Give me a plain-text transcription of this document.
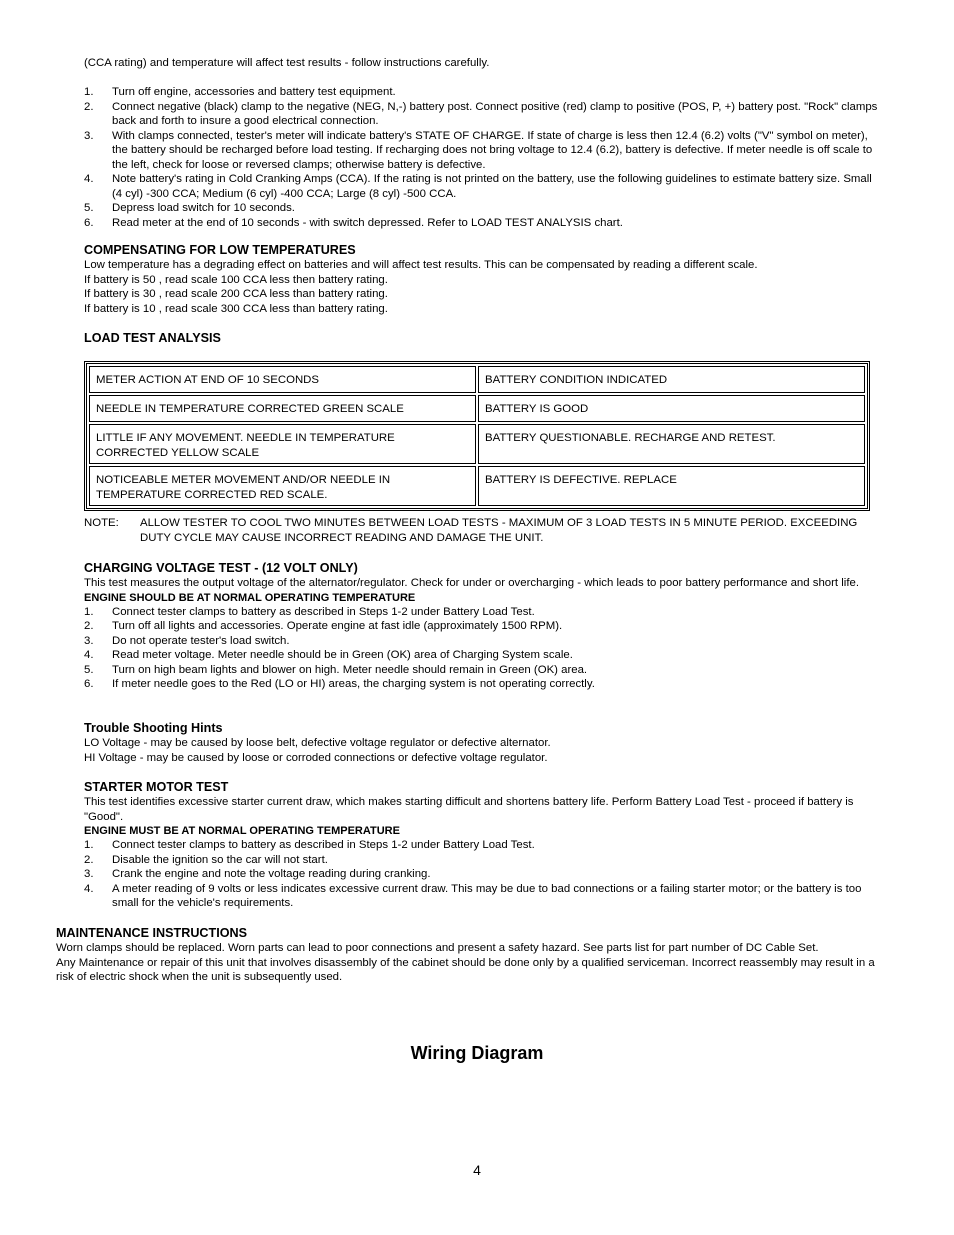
(CCA rating) and temperature will affect test results - follow instructions carefully.

1. Turn off engine, accessories and battery test equipment.
2. Connect negative (black) clamp to the negative (NEG, N,-) battery post. Connect positive (red) clamp to positive (POS, P, +) battery post. "Rock" clamps back and forth to insure a good electrical connection.
3. With clamps connected, tester's meter will indicate battery's STATE OF CHARGE. If state of charge is less then 12.4 (6.2) volts ("V" symbol on meter), the battery should be recharged before load testing. If recharging does not bring voltage to 12.4 (6.2), battery is defective. If meter needle is off scale to the left, check for loose or reversed clamps; otherwise battery is defective.
4. Note battery's rating in Cold Cranking Amps (CCA). If the rating is not printed on the battery, use the following guidelines to estimate battery size. Small (4 cyl) -300 CCA; Medium (6 cyl) -400 CCA; Large (8 cyl) -500 CCA.
5. Depress load switch for 10 seconds.
6. Read meter at the end of 10 seconds - with switch depressed. Refer to LOAD TEST ANALYSIS chart.

COMPENSATING FOR LOW TEMPERATURES

Low temperature has a degrading effect on batteries and will affect test results. This can be compensated by reading a different scale.

If battery is 50 , read scale 100 CCA less then battery rating.

If battery is 30 , read scale 200 CCA less than battery rating.

If battery is 10 , read scale 300 CCA less than battery rating.

LOAD TEST ANALYSIS

METER ACTION AT END OF 10 SECONDS	BATTERY CONDITION INDICATED
NEEDLE IN TEMPERATURE CORRECTED GREEN SCALE	BATTERY IS GOOD
LITTLE IF ANY MOVEMENT. NEEDLE IN TEMPERATURE CORRECTED YELLOW SCALE	BATTERY QUESTIONABLE. RECHARGE AND RETEST.
NOTICEABLE METER MOVEMENT AND/OR NEEDLE IN TEMPERATURE CORRECTED RED SCALE.	BATTERY IS DEFECTIVE. REPLACE
NOTE: ALLOW TESTER TO COOL TWO MINUTES BETWEEN LOAD TESTS - MAXIMUM OF 3 LOAD TESTS IN 5 MINUTE PERIOD. EXCEEDING DUTY CYCLE MAY CAUSE INCORRECT READING AND DAMAGE THE UNIT.

CHARGING VOLTAGE TEST - (12 VOLT ONLY)

This test measures the output voltage of the alternator/regulator. Check for under or overcharging - which leads to poor battery performance and short life.

ENGINE SHOULD BE AT NORMAL OPERATING TEMPERATURE

1. Connect tester clamps to battery as described in Steps 1-2 under Battery Load Test.
2. Turn off all lights and accessories. Operate engine at fast idle (approximately 1500 RPM).
3. Do not operate tester's load switch.
4. Read meter voltage. Meter needle should be in Green (OK) area of Charging System scale.
5. Turn on high beam lights and blower on high. Meter needle should remain in Green (OK) area.
6. If meter needle goes to the Red (LO or HI) areas, the charging system is not operating correctly.

Trouble Shooting Hints

LO Voltage - may be caused by loose belt, defective voltage regulator or defective alternator.

HI Voltage - may be caused by loose or corroded connections or defective voltage regulator.

STARTER MOTOR TEST

This test identifies excessive starter current draw, which makes starting difficult and shortens battery life. Perform Battery Load Test - proceed if battery is "Good".

ENGINE MUST BE AT NORMAL OPERATING TEMPERATURE

1. Connect tester clamps to battery as described in Steps 1-2 under Battery Load Test.
2. Disable the ignition so the car will not start.
3. Crank the engine and note the voltage reading during cranking.
4. A meter reading of 9 volts or less indicates excessive current draw. This may be due to bad connections or a failing starter motor; or the battery is too small for the vehicle's requirements.

MAINTENANCE INSTRUCTIONS

Worn clamps should be replaced. Worn parts can lead to poor connections and present a safety hazard. See parts list for part number of DC Cable Set.

Any Maintenance or repair of this unit that involves disassembly of the cabinet should be done only by a qualified serviceman. Incorrect reassembly may result in a risk of electric shock when the unit is subsequently used.

Wiring Diagram
4
